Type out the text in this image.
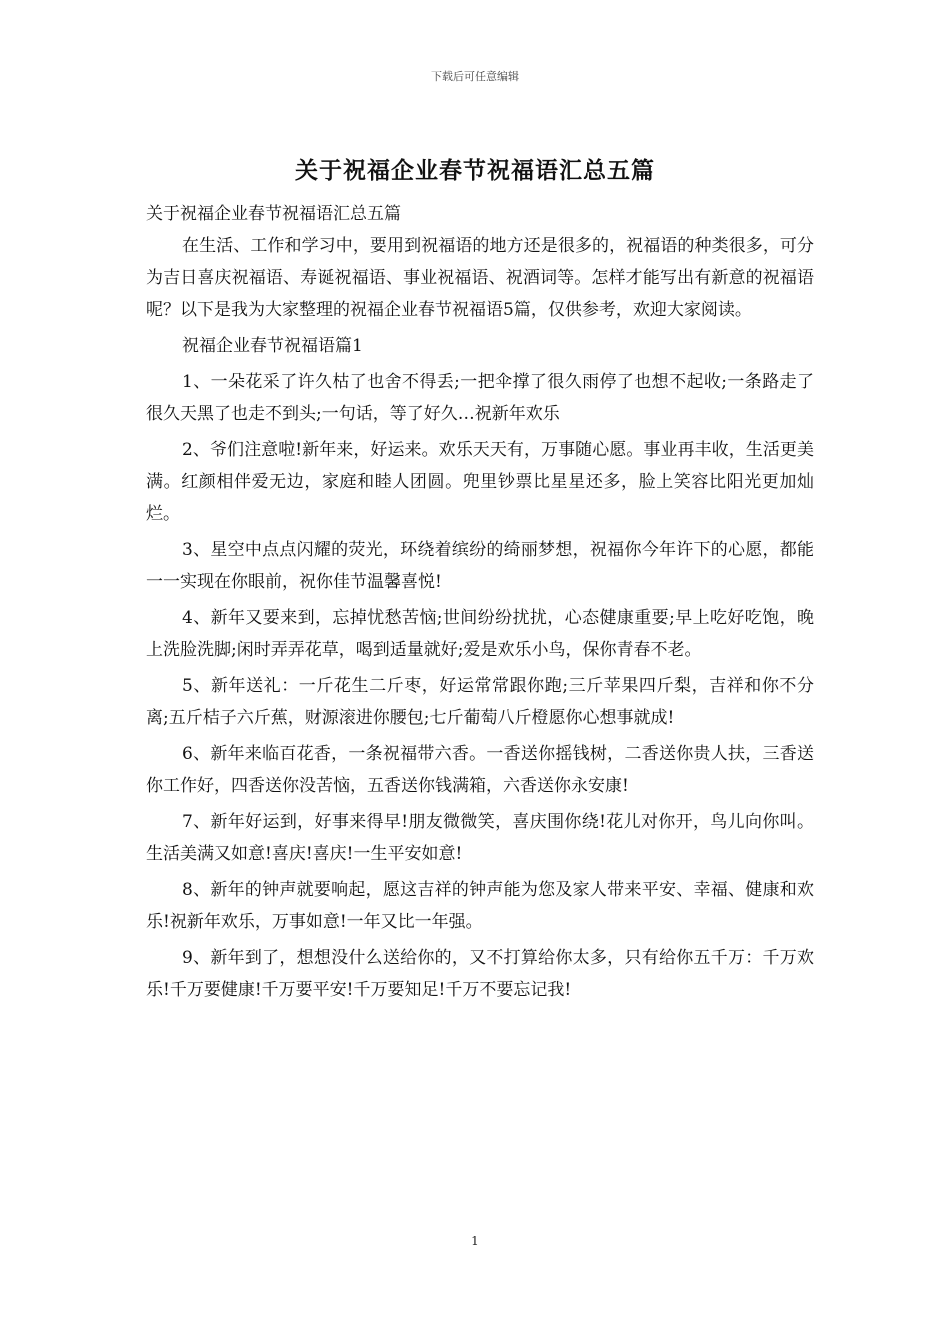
下载后可任意编辑
关于祝福企业春节祝福语汇总五篇

关于祝福企业春节祝福语汇总五篇

在生活、工作和学习中，要用到祝福语的地方还是很多的，祝福语的种类很多，可分为吉日喜庆祝福语、寿诞祝福语、事业祝福语、祝酒词等。怎样才能写出有新意的祝福语呢？以下是我为大家整理的祝福企业春节祝福语5篇，仅供参考，欢迎大家阅读。

祝福企业春节祝福语篇1

1、一朵花采了许久枯了也舍不得丢;一把伞撑了很久雨停了也想不起收;一条路走了很久天黑了也走不到头;一句话，等了好久…祝新年欢乐

2、爷们注意啦!新年来，好运来。欢乐天天有，万事随心愿。事业再丰收，生活更美满。红颜相伴爱无边，家庭和睦人团圆。兜里钞票比星星还多，脸上笑容比阳光更加灿烂。

3、星空中点点闪耀的荧光，环绕着缤纷的绮丽梦想，祝福你今年许下的心愿，都能一一实现在你眼前，祝你佳节温馨喜悦!

4、新年又要来到，忘掉忧愁苦恼;世间纷纷扰扰，心态健康重要;早上吃好吃饱，晚上洗脸洗脚;闲时弄弄花草，喝到适量就好;爱是欢乐小鸟，保你青春不老。

5、新年送礼：一斤花生二斤枣，好运常常跟你跑;三斤苹果四斤梨，吉祥和你不分离;五斤桔子六斤蕉，财源滚进你腰包;七斤葡萄八斤橙愿你心想事就成!

6、新年来临百花香，一条祝福带六香。一香送你摇钱树，二香送你贵人扶，三香送你工作好，四香送你没苦恼，五香送你钱满箱，六香送你永安康!

7、新年好运到，好事来得早!朋友微微笑，喜庆围你绕!花儿对你开，鸟儿向你叫。生活美满又如意!喜庆!喜庆!一生平安如意!

8、新年的钟声就要响起，愿这吉祥的钟声能为您及家人带来平安、幸福、健康和欢乐!祝新年欢乐，万事如意!一年又比一年强。

9、新年到了，想想没什么送给你的，又不打算给你太多，只有给你五千万：千万欢乐!千万要健康!千万要平安!千万要知足!千万不要忘记我!

1
